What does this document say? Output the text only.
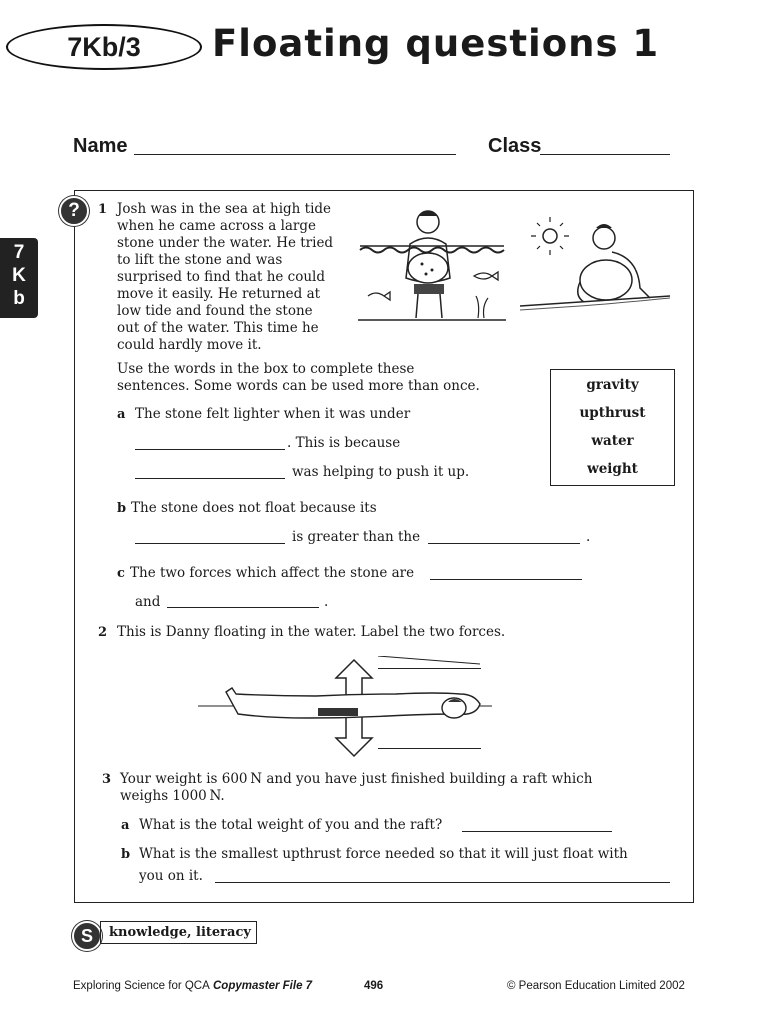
7Kb/3	Floating questions 1
Name	Class
7
K
b
?	1 Josh was in the sea at high tide
when he came across a large
stone under the water. He tried
to lift the stone and was
surprised to find that he could
move it easily. He returned at
low tide and found the stone
out of the water. This time he
could hardly move it.
Use the words in the box to complete these
sentences. Some words can be used more than once.	gravity
upthrust
water
weight
a The stone felt lighter when it was under
. This is because
was helping to push it up.
b The stone does not float because its
is greater than the	.
c The two forces which affect the stone are
and	.
2 This is Danny floating in the water. Label the two forces.
3 Your weight is 600 N and you have just finished building a raft which
weighs 1000 N.
a What is the total weight of you and the raft?
b What is the smallest upthrust force needed so that it will just float with
you on it.
S	knowledge, literacy
Exploring Science for QCA Copymaster File 7	496	© Pearson Education Limited 2002
